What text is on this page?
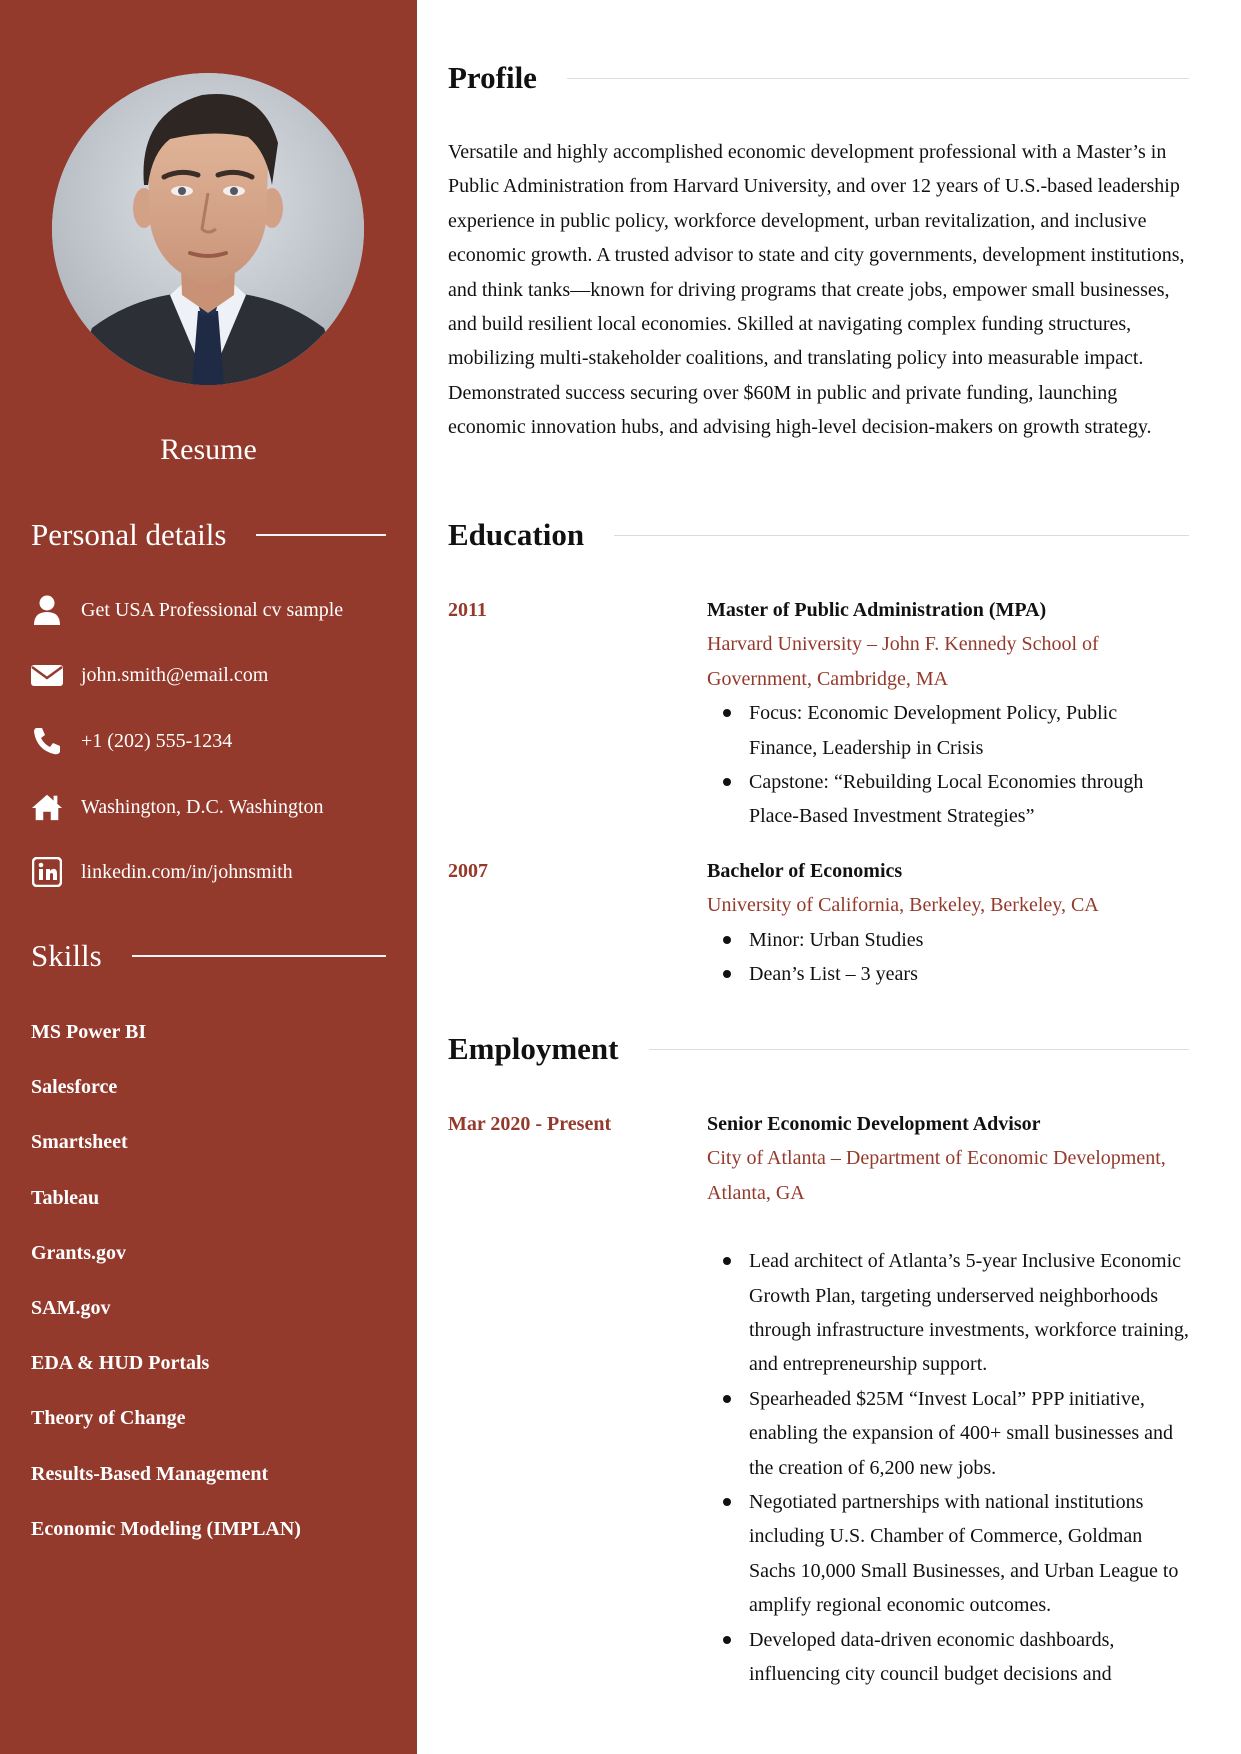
Resume
Personal details
Get USA Professional cv sample
john.smith@email.com
+1 (202) 555-1234
Washington, D.C. Washington
linkedin.com/in/johnsmith
Skills
MS Power BI
Salesforce
Smartsheet
Tableau
Grants.gov
SAM.gov
EDA & HUD Portals
Theory of Change
Results-Based Management
Economic Modeling (IMPLAN)
Profile

Versatile and highly accomplished economic development professional with a Master’s in Public Administration from Harvard University, and over 12 years of U.S.-based leadership experience in public policy, workforce development, urban revitalization, and inclusive economic growth. A trusted advisor to state and city governments, development institutions, and think tanks—known for driving programs that create jobs, empower small businesses, and build resilient local economies. Skilled at navigating complex funding structures, mobilizing multi-stakeholder coalitions, and translating policy into measurable impact. Demonstrated success securing over $60M in public and private funding, launching economic innovation hubs, and advising high-level decision-makers on growth strategy.

Education
2011	Master of Public Administration (MPA)
Harvard University – John F. Kennedy School of Government, Cambridge, MA
Focus: Economic Development Policy, Public Finance, Leadership in Crisis
Capstone: “Rebuilding Local Economies through Place-Based Investment Strategies”
2007	Bachelor of Economics
University of California, Berkeley, Berkeley, CA
Minor: Urban Studies
Dean’s List – 3 years
Employment
Mar 2020 - Present	Senior Economic Development Advisor
City of Atlanta – Department of Economic Development, Atlanta, GA
Lead architect of Atlanta’s 5-year Inclusive Economic Growth Plan, targeting underserved neighborhoods through infrastructure investments, workforce training, and entrepreneurship support.
Spearheaded $25M “Invest Local” PPP initiative, enabling the expansion of 400+ small businesses and the creation of 6,200 new jobs.
Negotiated partnerships with national institutions including U.S. Chamber of Commerce, Goldman Sachs 10,000 Small Businesses, and Urban League to amplify regional economic outcomes.
Developed data-driven economic dashboards, influencing city council budget decisions and
